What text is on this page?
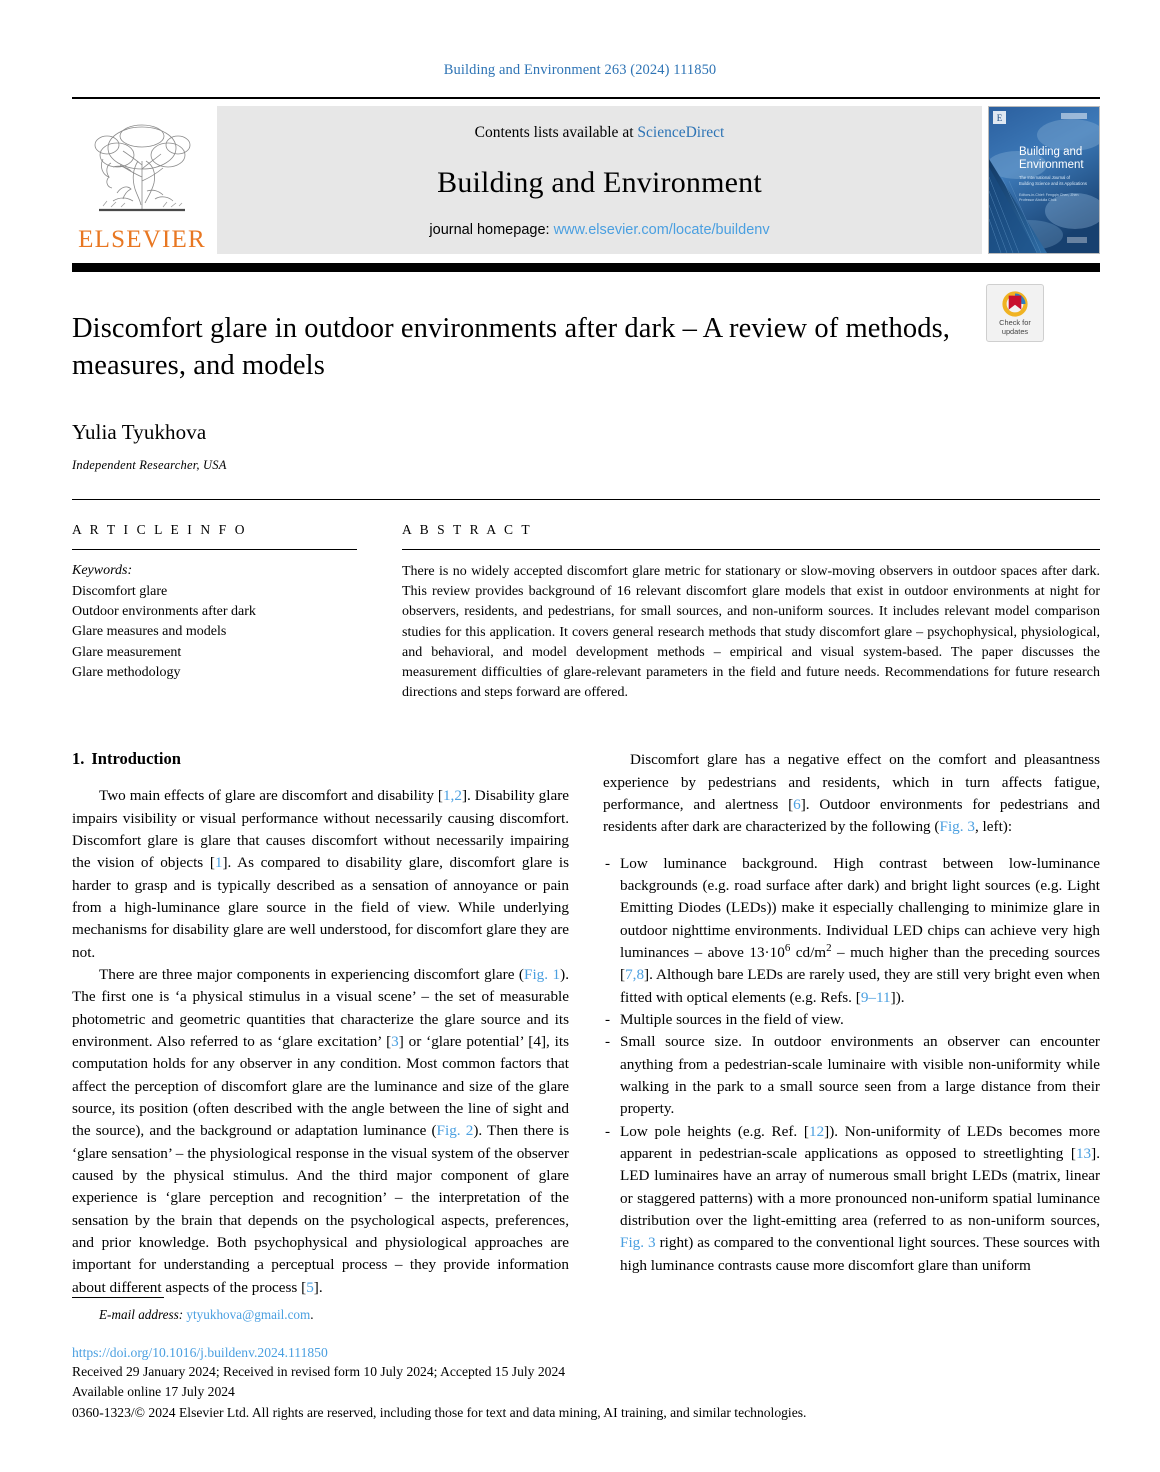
Building and Environment 263 (2024) 111850
ELSEVIER
Contents lists available at ScienceDirect
Building and Environment
journal homepage: www.elsevier.com/locate/buildenv
E
Building and
Environment
The International Journal of
Building Science and its Applications
Editors-in-Chief: Fengqin Chen, Zhen
Professor Abdulla Chuk
Check for
updates
Discomfort glare in outdoor environments after dark – A review of methods, measures, and models
Yulia Tyukhova
Independent Researcher, USA
A R T I C L E I N F O
Keywords:
Discomfort glare
Outdoor environments after dark
Glare measures and models
Glare measurement
Glare methodology
A B S T R A C T
There is no widely accepted discomfort glare metric for stationary or slow-moving observers in outdoor spaces after dark. This review provides background of 16 relevant discomfort glare models that exist in outdoor environments at night for observers, residents, and pedestrians, for small sources, and non-uniform sources. It includes relevant model comparison studies for this application. It covers general research methods that study discomfort glare – psychophysical, physiological, and behavioral, and model development methods – empirical and visual system-based. The paper discusses the measurement difficulties of glare-relevant parameters in the field and future needs. Recommendations for future research directions and steps forward are offered.
1. Introduction

Two main effects of glare are discomfort and disability [1,2]. Disability glare impairs visibility or visual performance without necessarily causing discomfort. Discomfort glare is glare that causes discomfort without necessarily impairing the vision of objects [1]. As compared to disability glare, discomfort glare is harder to grasp and is typically described as a sensation of annoyance or pain from a high-luminance glare source in the field of view. While underlying mechanisms for disability glare are well understood, for discomfort glare they are not.

There are three major components in experiencing discomfort glare (Fig. 1). The first one is ‘a physical stimulus in a visual scene’ – the set of measurable photometric and geometric quantities that characterize the glare source and its environment. Also referred to as ‘glare excitation’ [3] or ‘glare potential’ [4], its computation holds for any observer in any condition. Most common factors that affect the perception of discomfort glare are the luminance and size of the glare source, its position (often described with the angle between the line of sight and the source), and the background or adaptation luminance (Fig. 2). Then there is ‘glare sensation’ – the physiological response in the visual system of the observer caused by the physical stimulus. And the third major component of glare experience is ‘glare perception and recognition’ – the interpretation of the sensation by the brain that depends on the psychological aspects, preferences, and prior knowledge. Both psychophysical and physiological approaches are important for understanding a perceptual process – they provide information about different aspects of the process [5].

Discomfort glare has a negative effect on the comfort and pleasantness experience by pedestrians and residents, which in turn affects fatigue, performance, and alertness [6]. Outdoor environments for pedestrians and residents after dark are characterized by the following (Fig. 3, left):

- Low luminance background. High contrast between low-luminance backgrounds (e.g. road surface after dark) and bright light sources (e.g. Light Emitting Diodes (LEDs)) make it especially challenging to minimize glare in outdoor nighttime environments. Individual LED chips can achieve very high luminances – above $13\cdot 10^6$ $cd/m^2$ – much higher than the preceding sources [7,8]. Although bare LEDs are rarely used, they are still very bright even when fitted with optical elements (e.g. Refs. [9–11]).
- Multiple sources in the field of view.
- Small source size. In outdoor environments an observer can encounter anything from a pedestrian-scale luminaire with visible non-uniformity while walking in the park to a small source seen from a large distance from their property.
- Low pole heights (e.g. Ref. [12]). Non-uniformity of LEDs becomes more apparent in pedestrian-scale applications as opposed to streetlighting [13]. LED luminaires have an array of numerous small bright LEDs (matrix, linear or staggered patterns) with a more pronounced non-uniform spatial luminance distribution over the light-emitting area (referred to as non-uniform sources, Fig. 3 right) as compared to the conventional light sources. These sources with high luminance contrasts cause more discomfort glare than uniform
E-mail address: ytyukhova@gmail.com.
https://doi.org/10.1016/j.buildenv.2024.111850
Received 29 January 2024; Received in revised form 10 July 2024; Accepted 15 July 2024
Available online 17 July 2024
0360-1323/© 2024 Elsevier Ltd. All rights are reserved, including those for text and data mining, AI training, and similar technologies.
